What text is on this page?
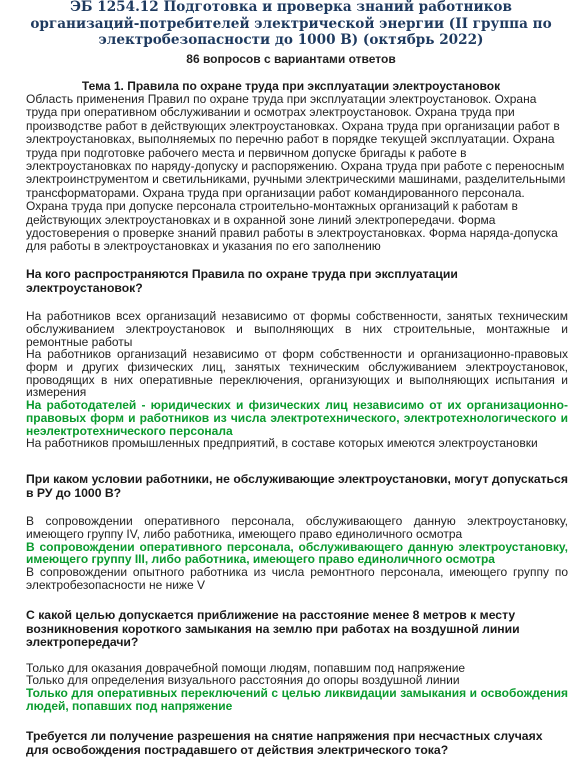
ЭБ 1254.12 Подготовка и проверка знаний работников организаций-потребителей электрической энергии (II группа по электробезопасности до 1000 В) (октябрь 2022)
86 вопросов с вариантами ответов
Тема 1. Правила по охране труда при эксплуатации электроустановок
Область применения Правил по охране труда при эксплуатации электроустановок. Охрана труда при оперативном обслуживании и осмотрах электроустановок. Охрана труда при производстве работ в действующих электроустановках. Охрана труда при организации работ в электроустановках, выполняемых по перечню работ в порядке текущей эксплуатации. Охрана труда при подготовке рабочего места и первичном допуске бригады к работе в электроустановках по наряду-допуску и распоряжению. Охрана труда при работе с переносным электроинструментом и светильниками, ручными электрическими машинами, разделительными трансформаторами. Охрана труда при организации работ командированного персонала. Охрана труда при допуске персонала строительно-монтажных организаций к работам в действующих электроустановках и в охранной зоне линий электропередачи. Форма удостоверения о проверке знаний правил работы в электроустановках. Форма наряда-допуска для работы в электроустановках и указания по его заполнению
На кого распространяются Правила по охране труда при эксплуатации электроустановок?
На работников всех организаций независимо от формы собственности, занятых техническим обслуживанием электроустановок и выполняющих в них строительные, монтажные и ремонтные работы
На работников организаций независимо от форм собственности и организационно-правовых форм и других физических лиц, занятых техническим обслуживанием электроустановок, проводящих в них оперативные переключения, организующих и выполняющих испытания и измерения
На работодателей - юридических и физических лиц независимо от их организационно-правовых форм и работников из числа электротехнического, электротехнологического и неэлектротехнического персонала
На работников промышленных предприятий, в составе которых имеются электроустановки
При каком условии работники, не обслуживающие электроустановки, могут допускаться в РУ до 1000 В?
В сопровождении оперативного персонала, обслуживающего данную электроустановку, имеющего группу IV, либо работника, имеющего право единоличного осмотра
В сопровождении оперативного персонала, обслуживающего данную электроустановку, имеющего группу III, либо работника, имеющего право единоличного осмотра
В сопровождении опытного работника из числа ремонтного персонала, имеющего группу по электробезопасности не ниже V
С какой целью допускается приближение на расстояние менее 8 метров к месту возникновения короткого замыкания на землю при работах на воздушной линии электропередачи?
Только для оказания доврачебной помощи людям, попавшим под напряжение
Только для определения визуального расстояния до опоры воздушной линии
Только для оперативных переключений с целью ликвидации замыкания и освобождения людей, попавших под напряжение
Требуется ли получение разрешения на снятие напряжения при несчастных случаях для освобождения пострадавшего от действия электрического тока?
